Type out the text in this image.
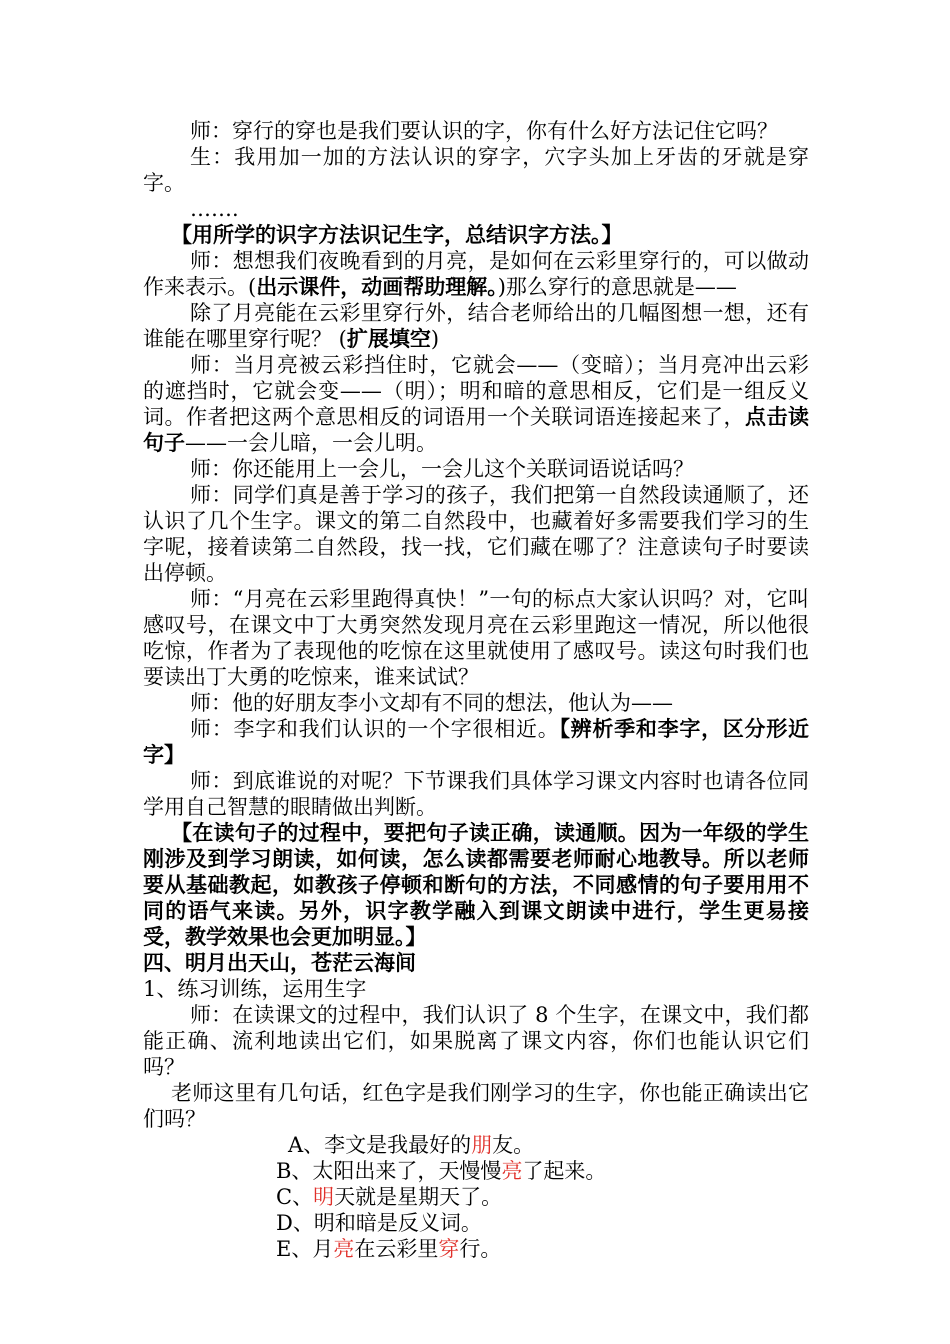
师：穿行的穿也是我们要认识的字，你有什么好方法记住它吗？

生：我用加一加的方法认识的穿字，穴字头加上牙齿的牙就是穿字。

…….

【用所学的识字方法识记生字，总结识字方法。】

师：想想我们夜晚看到的月亮，是如何在云彩里穿行的，可以做动作来表示。(出示课件，动画帮助理解。)那么穿行的意思就是——

除了月亮能在云彩里穿行外，结合老师给出的几幅图想一想，还有谁能在哪里穿行呢？ (扩展填空)

师：当月亮被云彩挡住时，它就会——（变暗）；当月亮冲出云彩的遮挡时，它就会变——（明）；明和暗的意思相反，它们是一组反义词。作者把这两个意思相反的词语用一个关联词语连接起来了，点击读句子——一会儿暗，一会儿明。

师：你还能用上一会儿，一会儿这个关联词语说话吗？

师：同学们真是善于学习的孩子，我们把第一自然段读通顺了，还认识了几个生字。课文的第二自然段中，也藏着好多需要我们学习的生字呢，接着读第二自然段，找一找，它们藏在哪了？注意读句子时要读出停顿。

师：“月亮在云彩里跑得真快！”一句的标点大家认识吗？对，它叫感叹号，在课文中丁大勇突然发现月亮在云彩里跑这一情况，所以他很吃惊，作者为了表现他的吃惊在这里就使用了感叹号。读这句时我们也要读出丁大勇的吃惊来，谁来试试？

师：他的好朋友李小文却有不同的想法，他认为——

师：李字和我们认识的一个字很相近。【辨析季和李字，区分形近字】

师：到底谁说的对呢？下节课我们具体学习课文内容时也请各位同学用自己智慧的眼睛做出判断。

【在读句子的过程中，要把句子读正确，读通顺。因为一年级的学生刚涉及到学习朗读，如何读，怎么读都需要老师耐心地教导。所以老师要从基础教起，如教孩子停顿和断句的方法，不同感情的句子要用用不同的语气来读。另外，识字教学融入到课文朗读中进行，学生更易接受，教学效果也会更加明显。】

四、明月出天山，苍茫云海间

1、练习训练，运用生字

师：在读课文的过程中，我们认识了 8 个生字，在课文中，我们都能正确、流利地读出它们，如果脱离了课文内容，你们也能认识它们吗？

老师这里有几句话，红色字是我们刚学习的生字，你也能正确读出它们吗？

A、李文是我最好的朋友。

B、太阳出来了，天慢慢亮了起来。

C、明天就是星期天了。

D、明和暗是反义词。

E、月亮在云彩里穿行。
